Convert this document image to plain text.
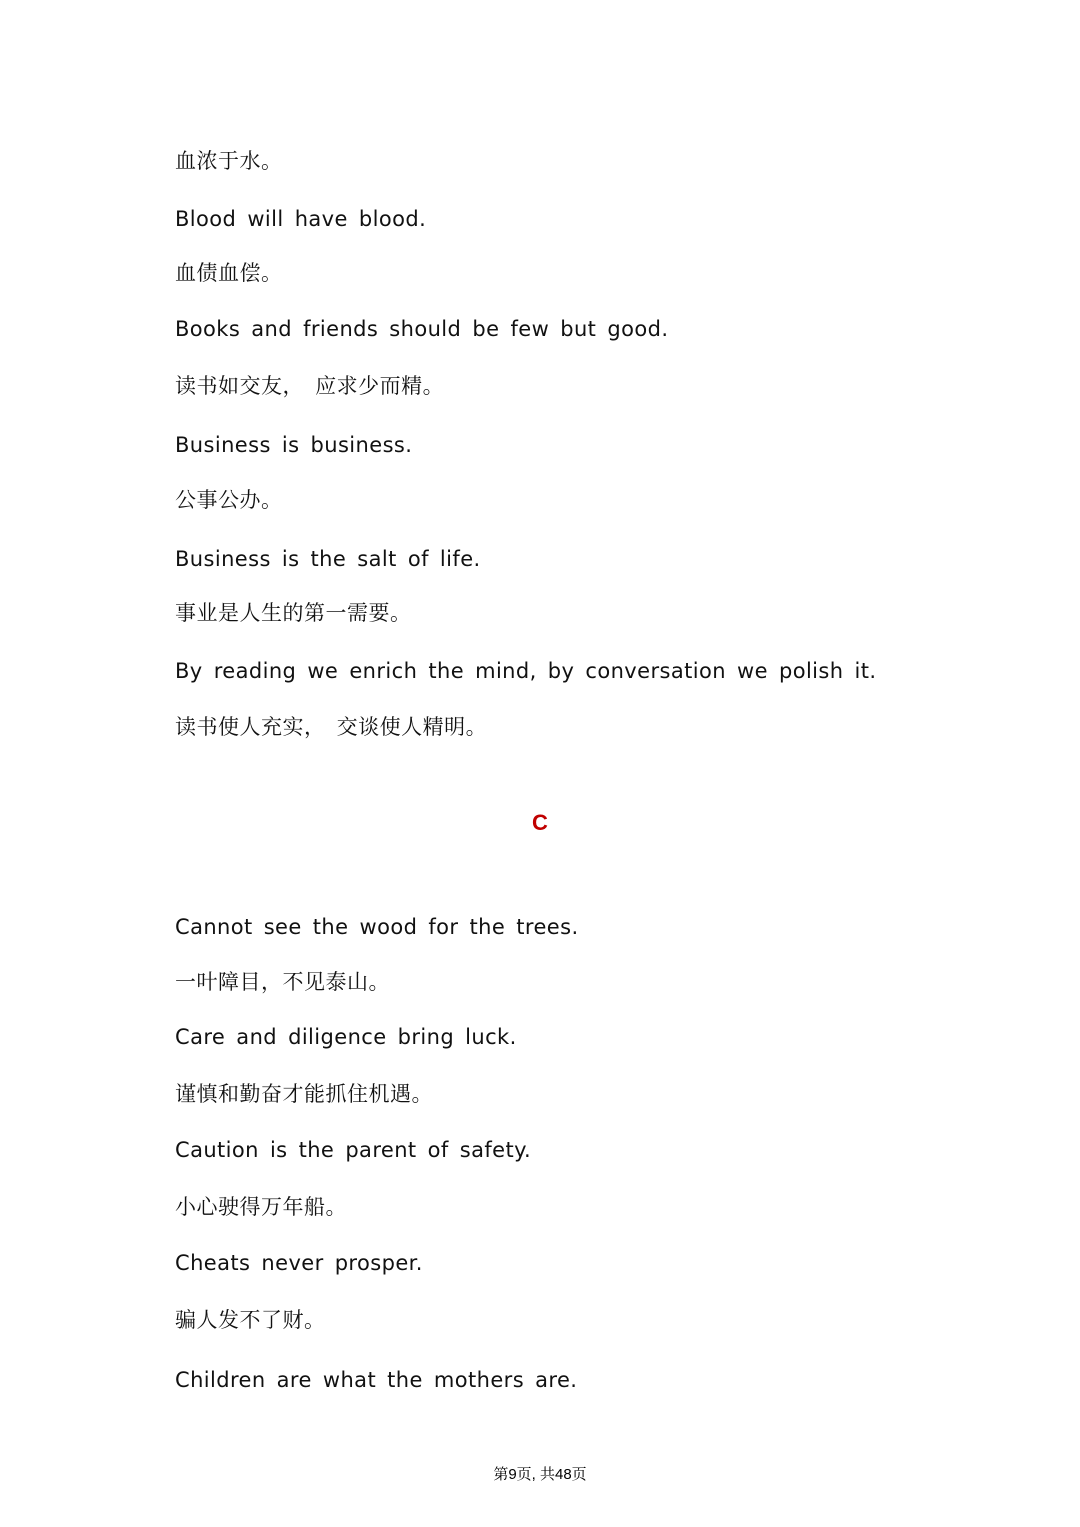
血浓于水。
Blood will have blood.
血债血偿。
Books and friends should be few but good.
读书如交友， 应求少而精。
Business is business.
公事公办。
Business is the salt of life.
事业是人生的第一需要。
By reading we enrich the mind, by conversation we polish it.
读书使人充实， 交谈使人精明。
C
Cannot see the wood for the trees.
一叶障目，不见泰山。
Care and diligence bring luck.
谨慎和勤奋才能抓住机遇。
Caution is the parent of safety.
小心驶得万年船。
Cheats never prosper.
骗人发不了财。
Children are what the mothers are.
第9页, 共48页
